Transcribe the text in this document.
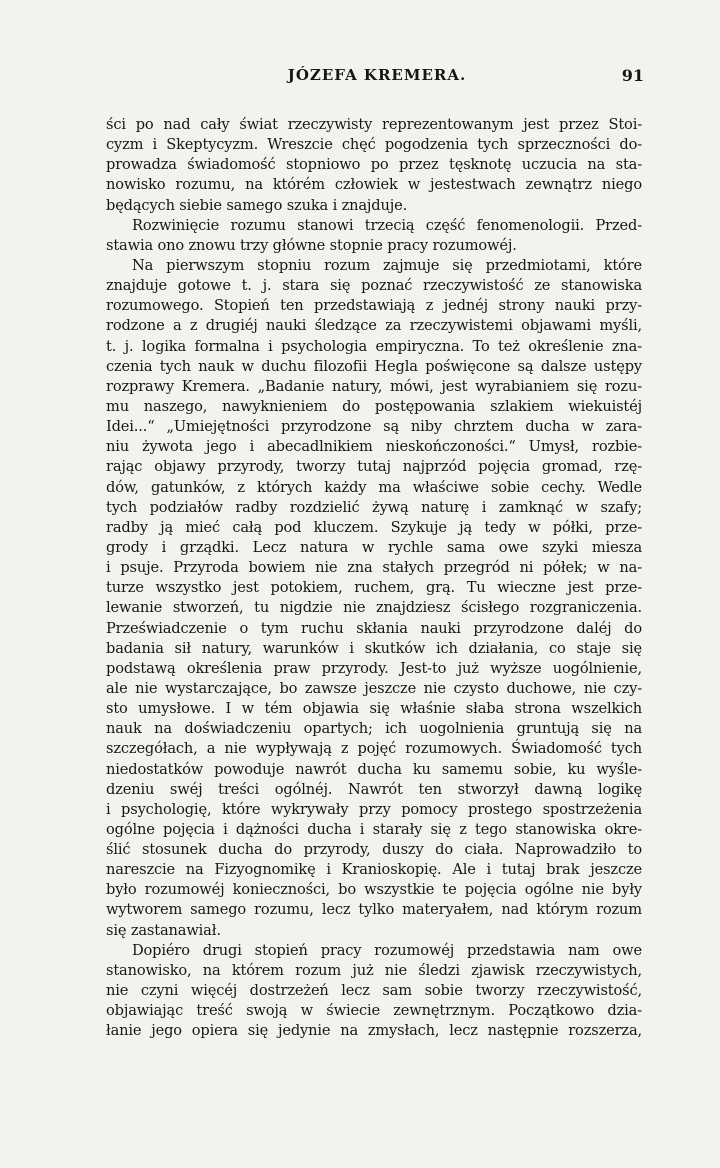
JÓZEFA KREMERA.	91
ści po nad cały świat rzeczywisty reprezentowanym jest przez Stoi-
cyzm i Skeptycyzm. Wreszcie chęć pogodzenia tych sprzeczności do-
prowadza świadomość stopniowo po przez tęsknotę uczucia na sta-
nowisko rozumu, na którém człowiek w jestestwach zewnątrz niego
będących siebie samego szuka i znajduje.
Rozwinięcie rozumu stanowi trzecią część fenomenologii. Przed-
stawia ono znowu trzy główne stopnie pracy rozumowéj.
Na pierwszym stopniu rozum zajmuje się przedmiotami, które
znajduje gotowe t. j. stara się poznać rzeczywistość ze stanowiska
rozumowego. Stopień ten przedstawiają z jednéj strony nauki przy-
rodzone a z drugiéj nauki śledzące za rzeczywistemi objawami myśli,
t. j. logika formalna i psychologia empiryczna. To też określenie zna-
czenia tych nauk w duchu filozofii Hegla poświęcone są dalsze ustępy
rozprawy Kremera. „Badanie natury, mówi, jest wyrabianiem się rozu-
mu naszego, nawyknieniem do postępowania szlakiem wiekuistéj
Idei...“ „Umiejętności przyrodzone są niby chrztem ducha w zara-
niu żywota jego i abecadlnikiem nieskończoności.“ Umysł, rozbie-
rając objawy przyrody, tworzy tutaj najprzód pojęcia gromad, rzę-
dów, gatunków, z których każdy ma właściwe sobie cechy. Wedle
tych podziałów radby rozdzielić żywą naturę i zamknąć w szafy;
radby ją mieć całą pod kluczem. Szykuje ją tedy w półki, prze-
grody i grządki. Lecz natura w rychle sama owe szyki miesza
i psuje. Przyroda bowiem nie zna stałych przegród ni półek; w na-
turze wszystko jest potokiem, ruchem, grą. Tu wieczne jest prze-
lewanie stworzeń, tu nigdzie nie znajdziesz ścisłego rozgraniczenia.
Przeświadczenie o tym ruchu skłania nauki przyrodzone daléj do
badania sił natury, warunków i skutków ich działania, co staje się
podstawą określenia praw przyrody. Jest-to już wyższe uogólnienie,
ale nie wystarczające, bo zawsze jeszcze nie czysto duchowe, nie czy-
sto umysłowe. I w tém objawia się właśnie słaba strona wszelkich
nauk na doświadczeniu opartych; ich uogolnienia gruntują się na
szczegółach, a nie wypływają z pojęć rozumowych. Świadomość tych
niedostatków powoduje nawrót ducha ku samemu sobie, ku wyśle-
dzeniu swéj treści ogólnéj. Nawrót ten stworzył dawną logikę
i psychologię, które wykrywały przy pomocy prostego spostrzeżenia
ogólne pojęcia i dążności ducha i starały się z tego stanowiska okre-
ślić stosunek ducha do przyrody, duszy do ciała. Naprowadziło to
nareszcie na Fizyognomikę i Kranioskopię. Ale i tutaj brak jeszcze
było rozumowéj konieczności, bo wszystkie te pojęcia ogólne nie były
wytworem samego rozumu, lecz tylko materyałem, nad którym rozum
się zastanawiał.
Dopiéro drugi stopień pracy rozumowéj przedstawia nam owe
stanowisko, na którem rozum już nie śledzi zjawisk rzeczywistych,
nie czyni więcéj dostrzeżeń lecz sam sobie tworzy rzeczywistość,
objawiając treść swoją w świecie zewnętrznym. Początkowo dzia-
łanie jego opiera się jedynie na zmysłach, lecz następnie rozszerza,
